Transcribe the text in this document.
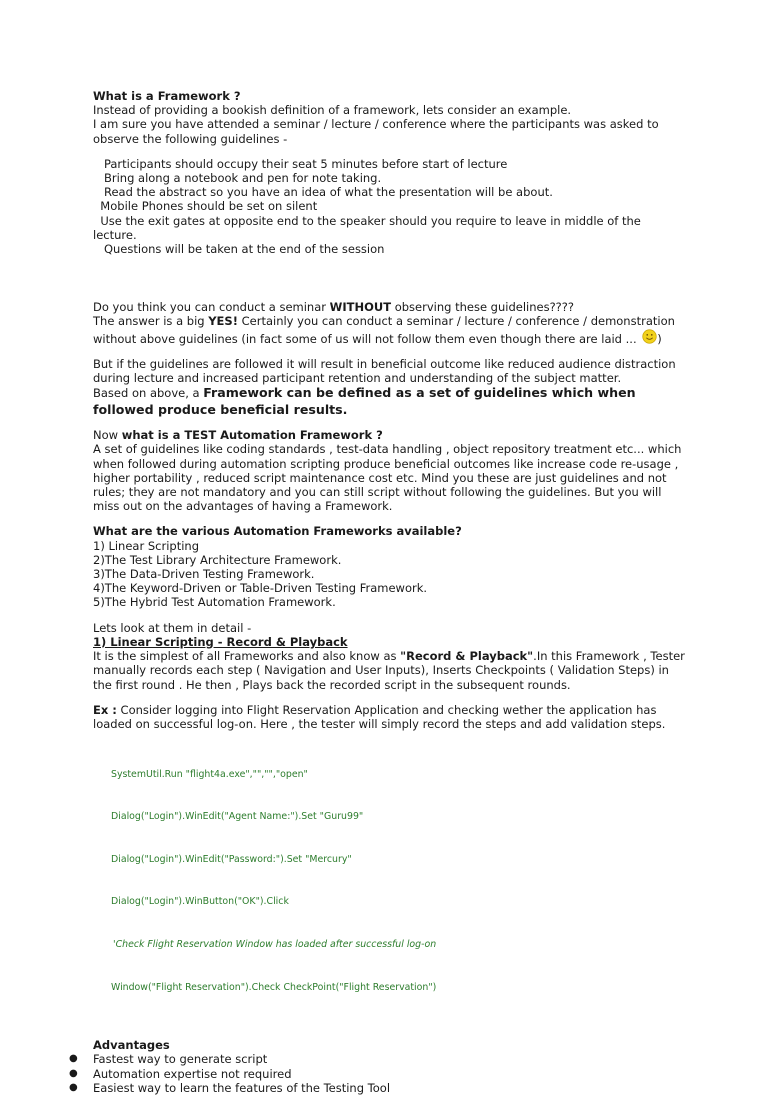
What is a Framework ?

Instead of providing a bookish definition of a framework, lets consider an example.

I am sure you have attended a seminar / lecture / conference where the participants was asked to observe the following guidelines -

Participants should occupy their seat 5 minutes before start of lecture

Bring along a notebook and pen for note taking.

Read the abstract so you have an idea of what the presentation will be about.

Mobile Phones should be set on silent

Use the exit gates at opposite end to the speaker should you require to leave in middle of the lecture.

Questions will be taken at the end of the session

Do you think you can conduct a seminar WITHOUT observing these guidelines????

The answer is a big YES! Certainly you can conduct a seminar / lecture / conference / demonstration without above guidelines (in fact some of us will not follow them even though there are laid ... )

But if the guidelines are followed it will result in beneficial outcome like reduced audience distraction during lecture and increased participant retention and understanding of the subject matter.

Based on above, a Framework can be defined as a set of guidelines which when followed produce beneficial results.

Now what is a TEST Automation Framework ?

A set of guidelines like coding standards , test-data handling , object repository treatment etc... which when followed during automation scripting produce beneficial outcomes like increase code re-usage , higher portability , reduced script maintenance cost etc. Mind you these are just guidelines and not rules; they are not mandatory and you can still script without following the guidelines. But you will miss out on the advantages of having a Framework.

What are the various Automation Frameworks available?

1) Linear Scripting

2)The Test Library Architecture Framework.

3)The Data-Driven Testing Framework.

4)The Keyword-Driven or Table-Driven Testing Framework.

5)The Hybrid Test Automation Framework.

Lets look at them in detail -

1) Linear Scripting - Record & Playback

It is the simplest of all Frameworks and also know as "Record & Playback".In this Framework , Tester manually records each step ( Navigation and User Inputs), Inserts Checkpoints ( Validation Steps) in the first round . He then , Plays back the recorded script in the subsequent rounds.

Ex : Consider logging into Flight Reservation Application and checking wether the application has loaded on successful log-on. Here , the tester will simply record the steps and add validation steps.

SystemUtil.Run "flight4a.exe","","","open"

Dialog("Login").WinEdit("Agent Name:").Set "Guru99"

Dialog("Login").WinEdit("Password:").Set "Mercury"

Dialog("Login").WinButton("OK").Click

'Check Flight Reservation Window has loaded after successful log-on

Window("Flight Reservation").Check CheckPoint("Flight Reservation")

Advantages

● Fastest way to generate script
● Automation expertise not required
● Easiest way to learn the features of the Testing Tool
